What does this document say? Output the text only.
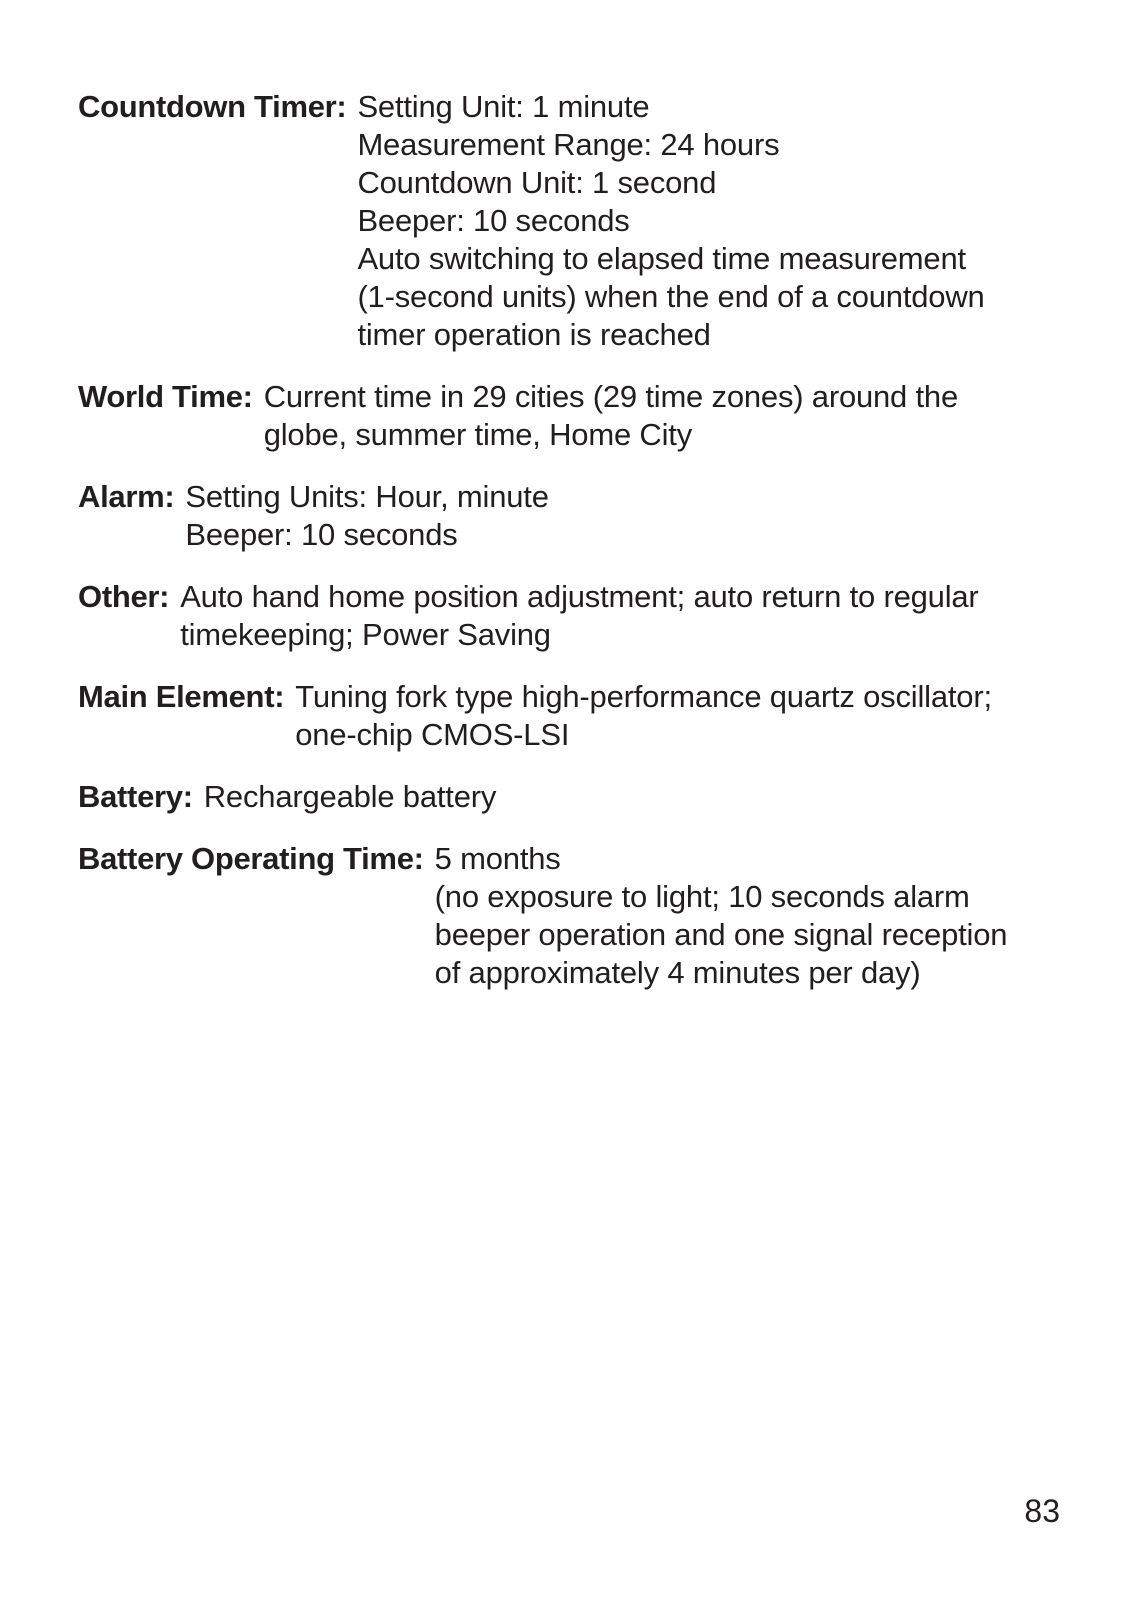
Countdown Timer: Setting Unit: 1 minute
Measurement Range: 24 hours
Countdown Unit: 1 second
Beeper: 10 seconds
Auto switching to elapsed time measurement
(1-second units) when the end of a countdown
timer operation is reached
World Time: Current time in 29 cities (29 time zones) around the
globe, summer time, Home City
Alarm: Setting Units: Hour, minute
Beeper: 10 seconds
Other: Auto hand home position adjustment; auto return to regular
timekeeping; Power Saving
Main Element: Tuning fork type high-performance quartz oscillator;
one-chip CMOS-LSI
Battery: Rechargeable battery
Battery Operating Time: 5 months
(no exposure to light; 10 seconds alarm
beeper operation and one signal reception
of approximately 4 minutes per day)
83
